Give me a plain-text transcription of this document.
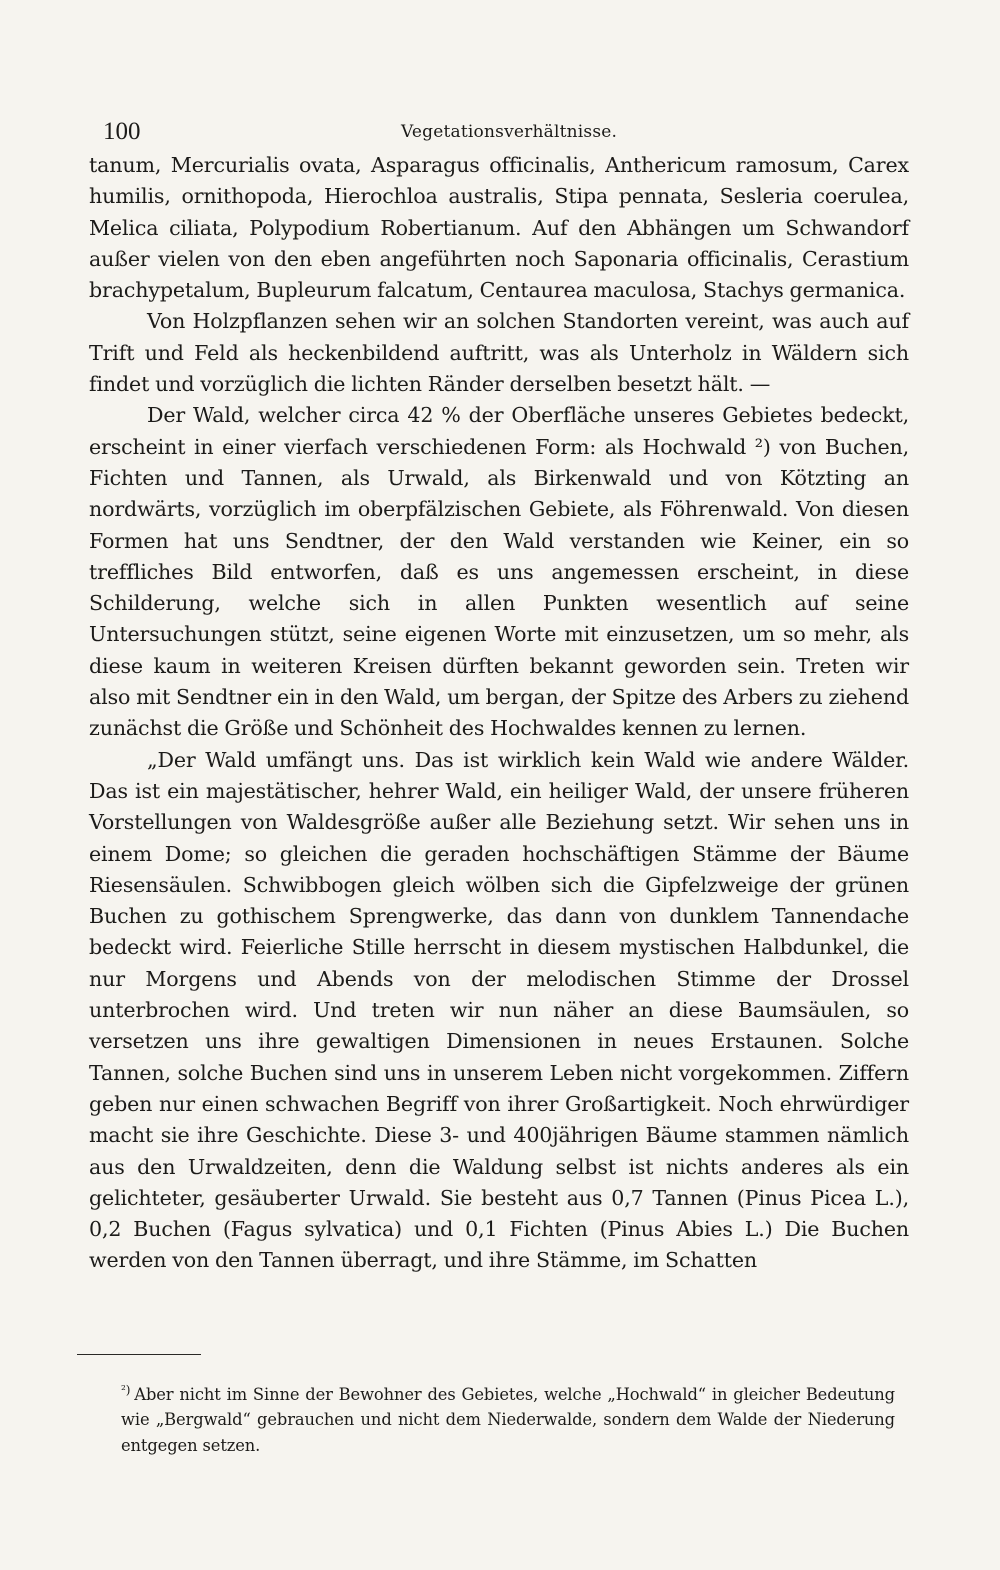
100	Vegetationsverhältnisse.

tanum, Mercurialis ovata, Asparagus officinalis, Anthericum ramosum, Carex humilis, ornithopoda, Hierochloa australis, Stipa pennata, Sesleria coerulea, Melica ciliata, Polypodium Robertianum. Auf den Abhängen um Schwandorf außer vielen von den eben angeführten noch Saponaria officinalis, Cerastium brachypetalum, Bupleurum falcatum, Centaurea maculosa, Stachys germanica.

Von Holzpflanzen sehen wir an solchen Standorten vereint, was auch auf Trift und Feld als heckenbildend auftritt, was als Unterholz in Wäldern sich findet und vorzüglich die lichten Ränder derselben besetzt hält. —

Der Wald, welcher circa 42 % der Oberfläche unseres Gebietes bedeckt, erscheint in einer vierfach verschiedenen Form: als Hochwald ²) von Buchen, Fichten und Tannen, als Urwald, als Birkenwald und von Kötzting an nordwärts, vorzüglich im oberpfälzischen Gebiete, als Föhrenwald. Von diesen Formen hat uns Sendtner, der den Wald verstanden wie Keiner, ein so treffliches Bild entworfen, daß es uns angemessen erscheint, in diese Schilderung, welche sich in allen Punkten wesentlich auf seine Untersuchungen stützt, seine eigenen Worte mit einzusetzen, um so mehr, als diese kaum in weiteren Kreisen dürften bekannt geworden sein. Treten wir also mit Sendtner ein in den Wald, um bergan, der Spitze des Arbers zu ziehend zunächst die Größe und Schönheit des Hochwaldes kennen zu lernen.

„Der Wald umfängt uns. Das ist wirklich kein Wald wie andere Wälder. Das ist ein majestätischer, hehrer Wald, ein heiliger Wald, der unsere früheren Vorstellungen von Waldesgröße außer alle Beziehung setzt. Wir sehen uns in einem Dome; so gleichen die geraden hochschäftigen Stämme der Bäume Riesensäulen. Schwibbogen gleich wölben sich die Gipfelzweige der grünen Buchen zu gothischem Sprengwerke, das dann von dunklem Tannendache bedeckt wird. Feierliche Stille herrscht in diesem mystischen Halbdunkel, die nur Morgens und Abends von der melodischen Stimme der Drossel unterbrochen wird. Und treten wir nun näher an diese Baumsäulen, so versetzen uns ihre gewaltigen Dimensionen in neues Erstaunen. Solche Tannen, solche Buchen sind uns in unserem Leben nicht vorgekommen. Ziffern geben nur einen schwachen Begriff von ihrer Großartigkeit. Noch ehrwürdiger macht sie ihre Geschichte. Diese 3- und 400jährigen Bäume stammen nämlich aus den Urwaldzeiten, denn die Waldung selbst ist nichts anderes als ein gelichteter, gesäuberter Urwald. Sie besteht aus 0,7 Tannen (Pinus Picea L.), 0,2 Buchen (Fagus sylvatica) und 0,1 Fichten (Pinus Abies L.) Die Buchen werden von den Tannen überragt, und ihre Stämme, im Schatten

$^{^2)}$ Aber nicht im Sinne der Bewohner des Gebietes, welche „Hochwald“ in gleicher Bedeutung wie „Bergwald“ gebrauchen und nicht dem Niederwalde, sondern dem Walde der Niederung entgegen setzen.
